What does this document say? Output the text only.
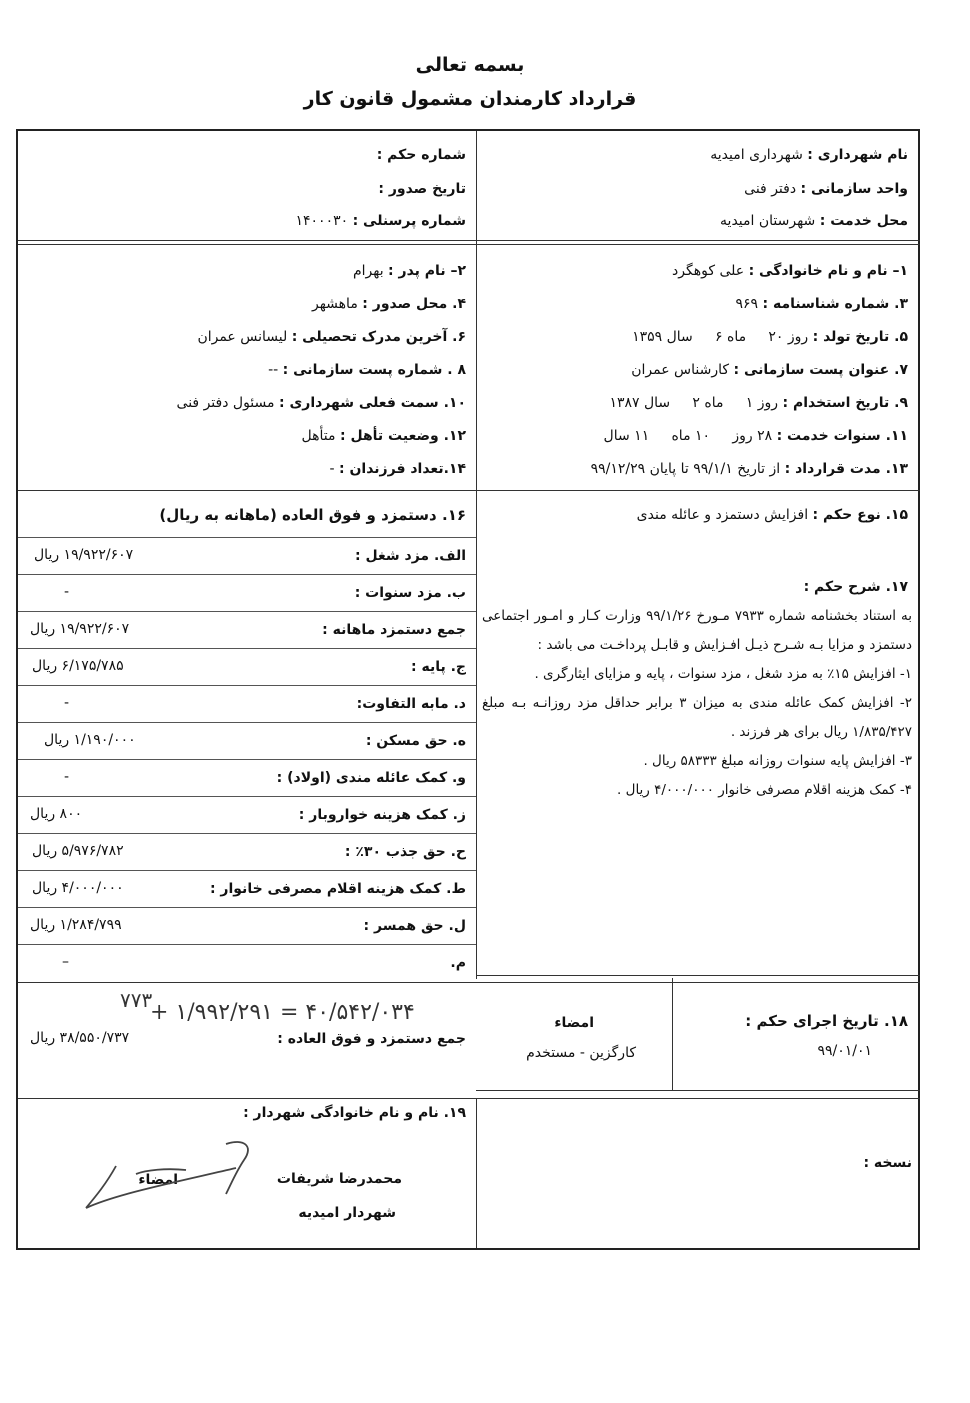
بسمه تعالی
قرارداد کارمندان مشمول قانون کار
نام شهرداری : شهرداری امیدیه
واحد سازمانی : دفتر فنی
محل خدمت : شهرستان امیدیه
شماره حکم :
تاریخ صدور :
شماره پرسنلی : ۱۴۰۰۰۳۰
۱– نام و نام خانوادگی : علی کوهگرد
۳. شماره شناسنامه : ۹۶۹
۵. تاریخ تولد : روز ۲۰     ماه ۶     سال ۱۳۵۹
۷. عنوان پست سازمانی : کارشناس عمران
۹. تاریخ استخدام : روز ۱     ماه ۲     سال ۱۳۸۷
۱۱. سنوات خدمت : ۲۸ روز     ۱۰ ماه     ۱۱ سال
۱۳. مدت قرارداد : از تاریخ ۹۹/۱/۱ تا پایان ۹۹/۱۲/۲۹
۲– نام پدر : بهرام
۴. محل صدور : ماهشهر
۶. آخرین مدرک تحصیلی : لیسانس عمران
۸ . شماره پست سازمانی : --
۱۰. سمت فعلی شهرداری : مسئول دفتر فنی
۱۲. وضعیت تأهل : متأهل
۱۴.تعداد فرزندان : -
۱۵. نوع حکم : افزایش دستمزد و عائله مندی
۱۶. دستمزد و فوق العاده (ماهانه به ریال)
الف. مزد شغل :
۱۹/۹۲۲/۶۰۷ ریال
ب. مزد سنوات :
-
جمع دستمزد ماهانه :
۱۹/۹۲۲/۶۰۷ ریال
ج. پایه :
۶/۱۷۵/۷۸۵ ریال
د. مابه التفاوت:
-
ه. حق مسکن :
۱/۱۹۰/۰۰۰ ریال
و. کمک عائله مندی (اولاد) :
-
ز. کمک هزینه خواروبار :
۸۰۰ ریال
ح. حق جذب ۳۰٪ :
۵/۹۷۶/۷۸۲ ریال
ط. کمک هزینه اقلام مصرفی خانوار :
۴/۰۰۰/۰۰۰ ریال
ل. حق همسر :
۱/۲۸۴/۷۹۹ ریال
م.
–
جمع دستمزد و فوق العاده :
۳۸/۵۵۰/۷۳۷ ریال
۴۰/۵۴۲/۰۳۴ = ۱/۹۹۲/۲۹۱ +
۷۷۳
۱۷. شرح حکم :
به استناد بخشنامه شماره ۷۹۳۳ مـورخ ۹۹/۱/۲۶ وزارت کـار و امـور اجتماعی دستمزد و مزایا بـه شـرح ذیـل افـزایش و قابـل پرداخـت می باشد :
۱- افزایش ۱۵٪ به مزد شغل ، مزد سنوات ، پایه و مزایای ایثارگری .
۲- افزایش کمک عائله مندی به میزان ۳ برابر حداقل مزد روزانـه بـه مبلغ ۱/۸۳۵/۴۲۷ ریال برای هر فرزند .
۳- افزایش پایه سنوات روزانه مبلغ ۵۸۳۳۳ ریال .
۴- کمک هزینه اقلام مصرفی خانوار ۴/۰۰۰/۰۰۰ ریال .
۱۸. تاریخ اجرای حکم :
۹۹/۰۱/۰۱
امضاء
کارگزین - مستخدم
۱۹. نام و نام خانوادگی شهردار :
محمدرضا شریفات
شهردار امیدیه
امضاء
نسخه :
